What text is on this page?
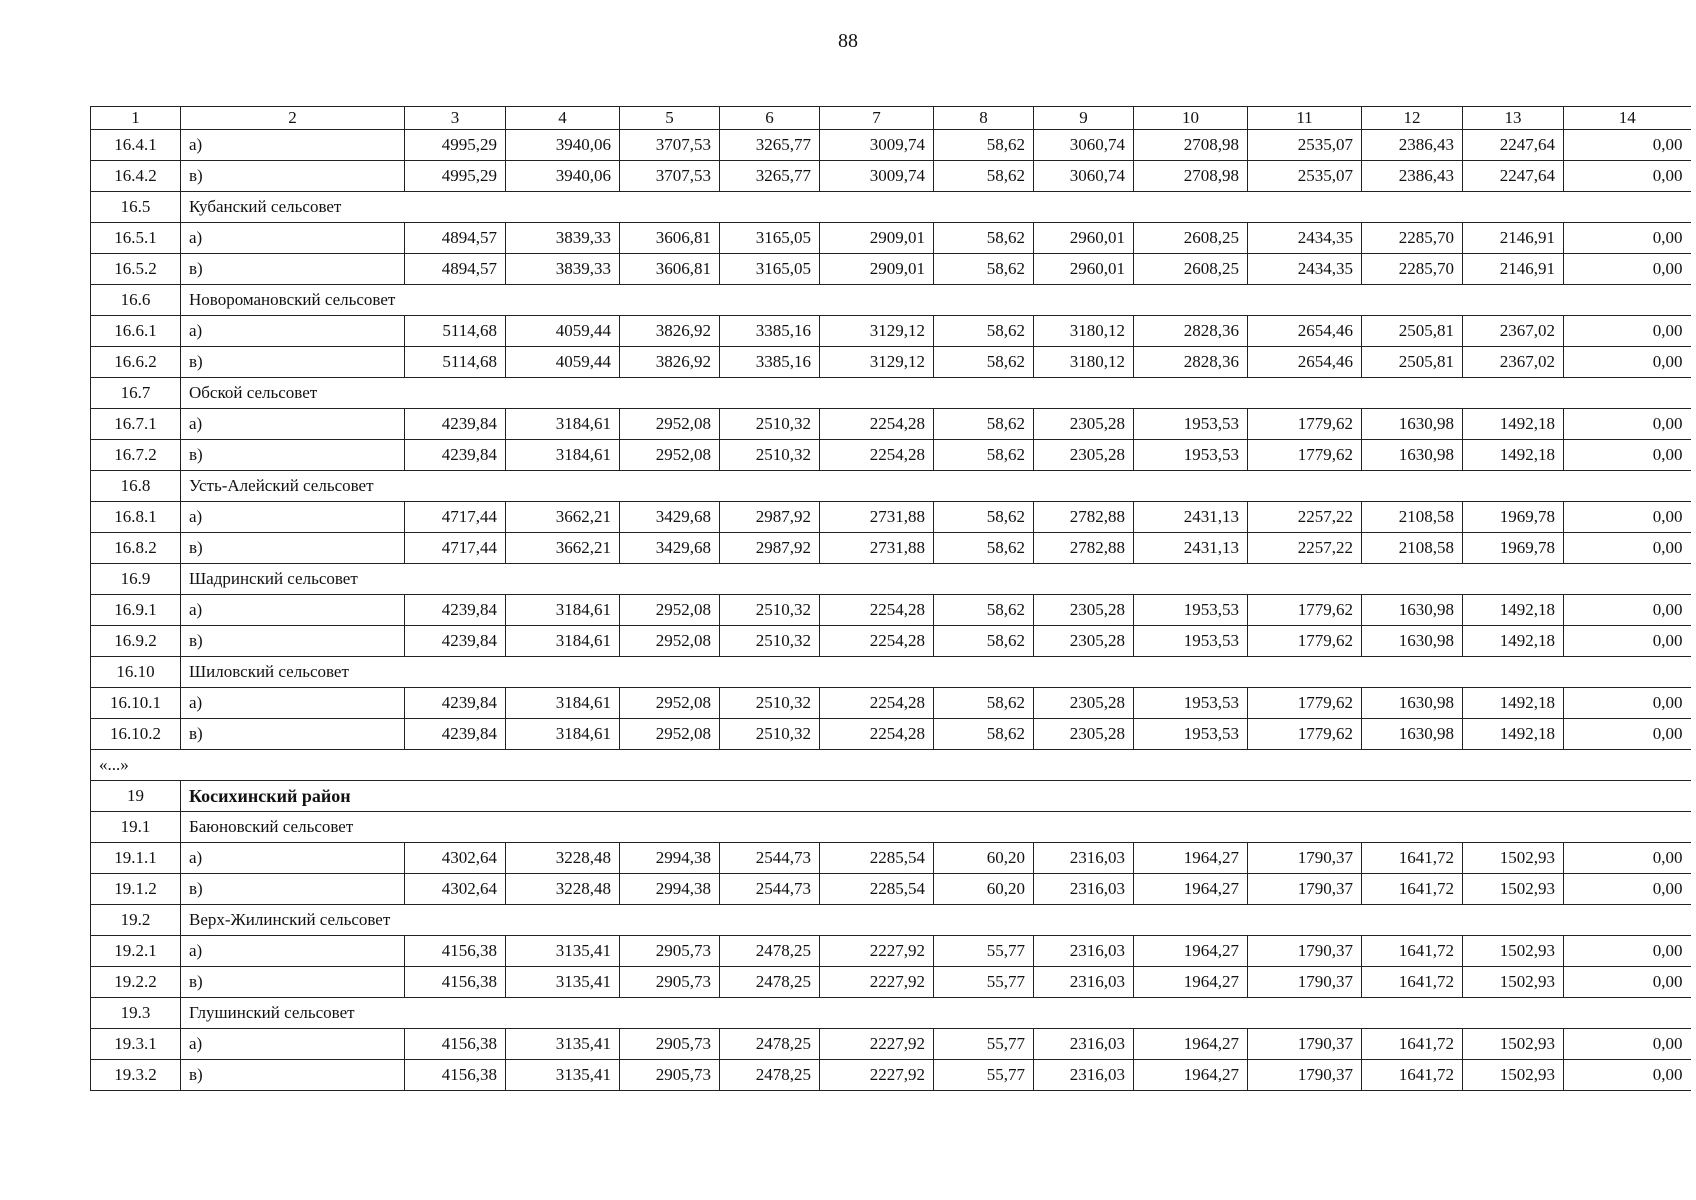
88
1	2	3	4	5	6	7	8	9	10	11	12	13	14
16.4.1	а)	4995,29	3940,06	3707,53	3265,77	3009,74	58,62	3060,74	2708,98	2535,07	2386,43	2247,64	0,00
16.4.2	в)	4995,29	3940,06	3707,53	3265,77	3009,74	58,62	3060,74	2708,98	2535,07	2386,43	2247,64	0,00
16.5	Кубанский сельсовет												
16.5.1	а)	4894,57	3839,33	3606,81	3165,05	2909,01	58,62	2960,01	2608,25	2434,35	2285,70	2146,91	0,00
16.5.2	в)	4894,57	3839,33	3606,81	3165,05	2909,01	58,62	2960,01	2608,25	2434,35	2285,70	2146,91	0,00
16.6	Новоромановский сельсовет												
16.6.1	а)	5114,68	4059,44	3826,92	3385,16	3129,12	58,62	3180,12	2828,36	2654,46	2505,81	2367,02	0,00
16.6.2	в)	5114,68	4059,44	3826,92	3385,16	3129,12	58,62	3180,12	2828,36	2654,46	2505,81	2367,02	0,00
16.7	Обской сельсовет												
16.7.1	а)	4239,84	3184,61	2952,08	2510,32	2254,28	58,62	2305,28	1953,53	1779,62	1630,98	1492,18	0,00
16.7.2	в)	4239,84	3184,61	2952,08	2510,32	2254,28	58,62	2305,28	1953,53	1779,62	1630,98	1492,18	0,00
16.8	Усть-Алейский сельсовет												
16.8.1	а)	4717,44	3662,21	3429,68	2987,92	2731,88	58,62	2782,88	2431,13	2257,22	2108,58	1969,78	0,00
16.8.2	в)	4717,44	3662,21	3429,68	2987,92	2731,88	58,62	2782,88	2431,13	2257,22	2108,58	1969,78	0,00
16.9	Шадринский сельсовет												
16.9.1	а)	4239,84	3184,61	2952,08	2510,32	2254,28	58,62	2305,28	1953,53	1779,62	1630,98	1492,18	0,00
16.9.2	в)	4239,84	3184,61	2952,08	2510,32	2254,28	58,62	2305,28	1953,53	1779,62	1630,98	1492,18	0,00
16.10	Шиловский сельсовет												
16.10.1	а)	4239,84	3184,61	2952,08	2510,32	2254,28	58,62	2305,28	1953,53	1779,62	1630,98	1492,18	0,00
16.10.2	в)	4239,84	3184,61	2952,08	2510,32	2254,28	58,62	2305,28	1953,53	1779,62	1630,98	1492,18	0,00
«...»													
19	Косихинский район												
19.1	Баюновский сельсовет												
19.1.1	а)	4302,64	3228,48	2994,38	2544,73	2285,54	60,20	2316,03	1964,27	1790,37	1641,72	1502,93	0,00
19.1.2	в)	4302,64	3228,48	2994,38	2544,73	2285,54	60,20	2316,03	1964,27	1790,37	1641,72	1502,93	0,00
19.2	Верх-Жилинский сельсовет												
19.2.1	а)	4156,38	3135,41	2905,73	2478,25	2227,92	55,77	2316,03	1964,27	1790,37	1641,72	1502,93	0,00
19.2.2	в)	4156,38	3135,41	2905,73	2478,25	2227,92	55,77	2316,03	1964,27	1790,37	1641,72	1502,93	0,00
19.3	Глушинский сельсовет												
19.3.1	а)	4156,38	3135,41	2905,73	2478,25	2227,92	55,77	2316,03	1964,27	1790,37	1641,72	1502,93	0,00
19.3.2	в)	4156,38	3135,41	2905,73	2478,25	2227,92	55,77	2316,03	1964,27	1790,37	1641,72	1502,93	0,00
